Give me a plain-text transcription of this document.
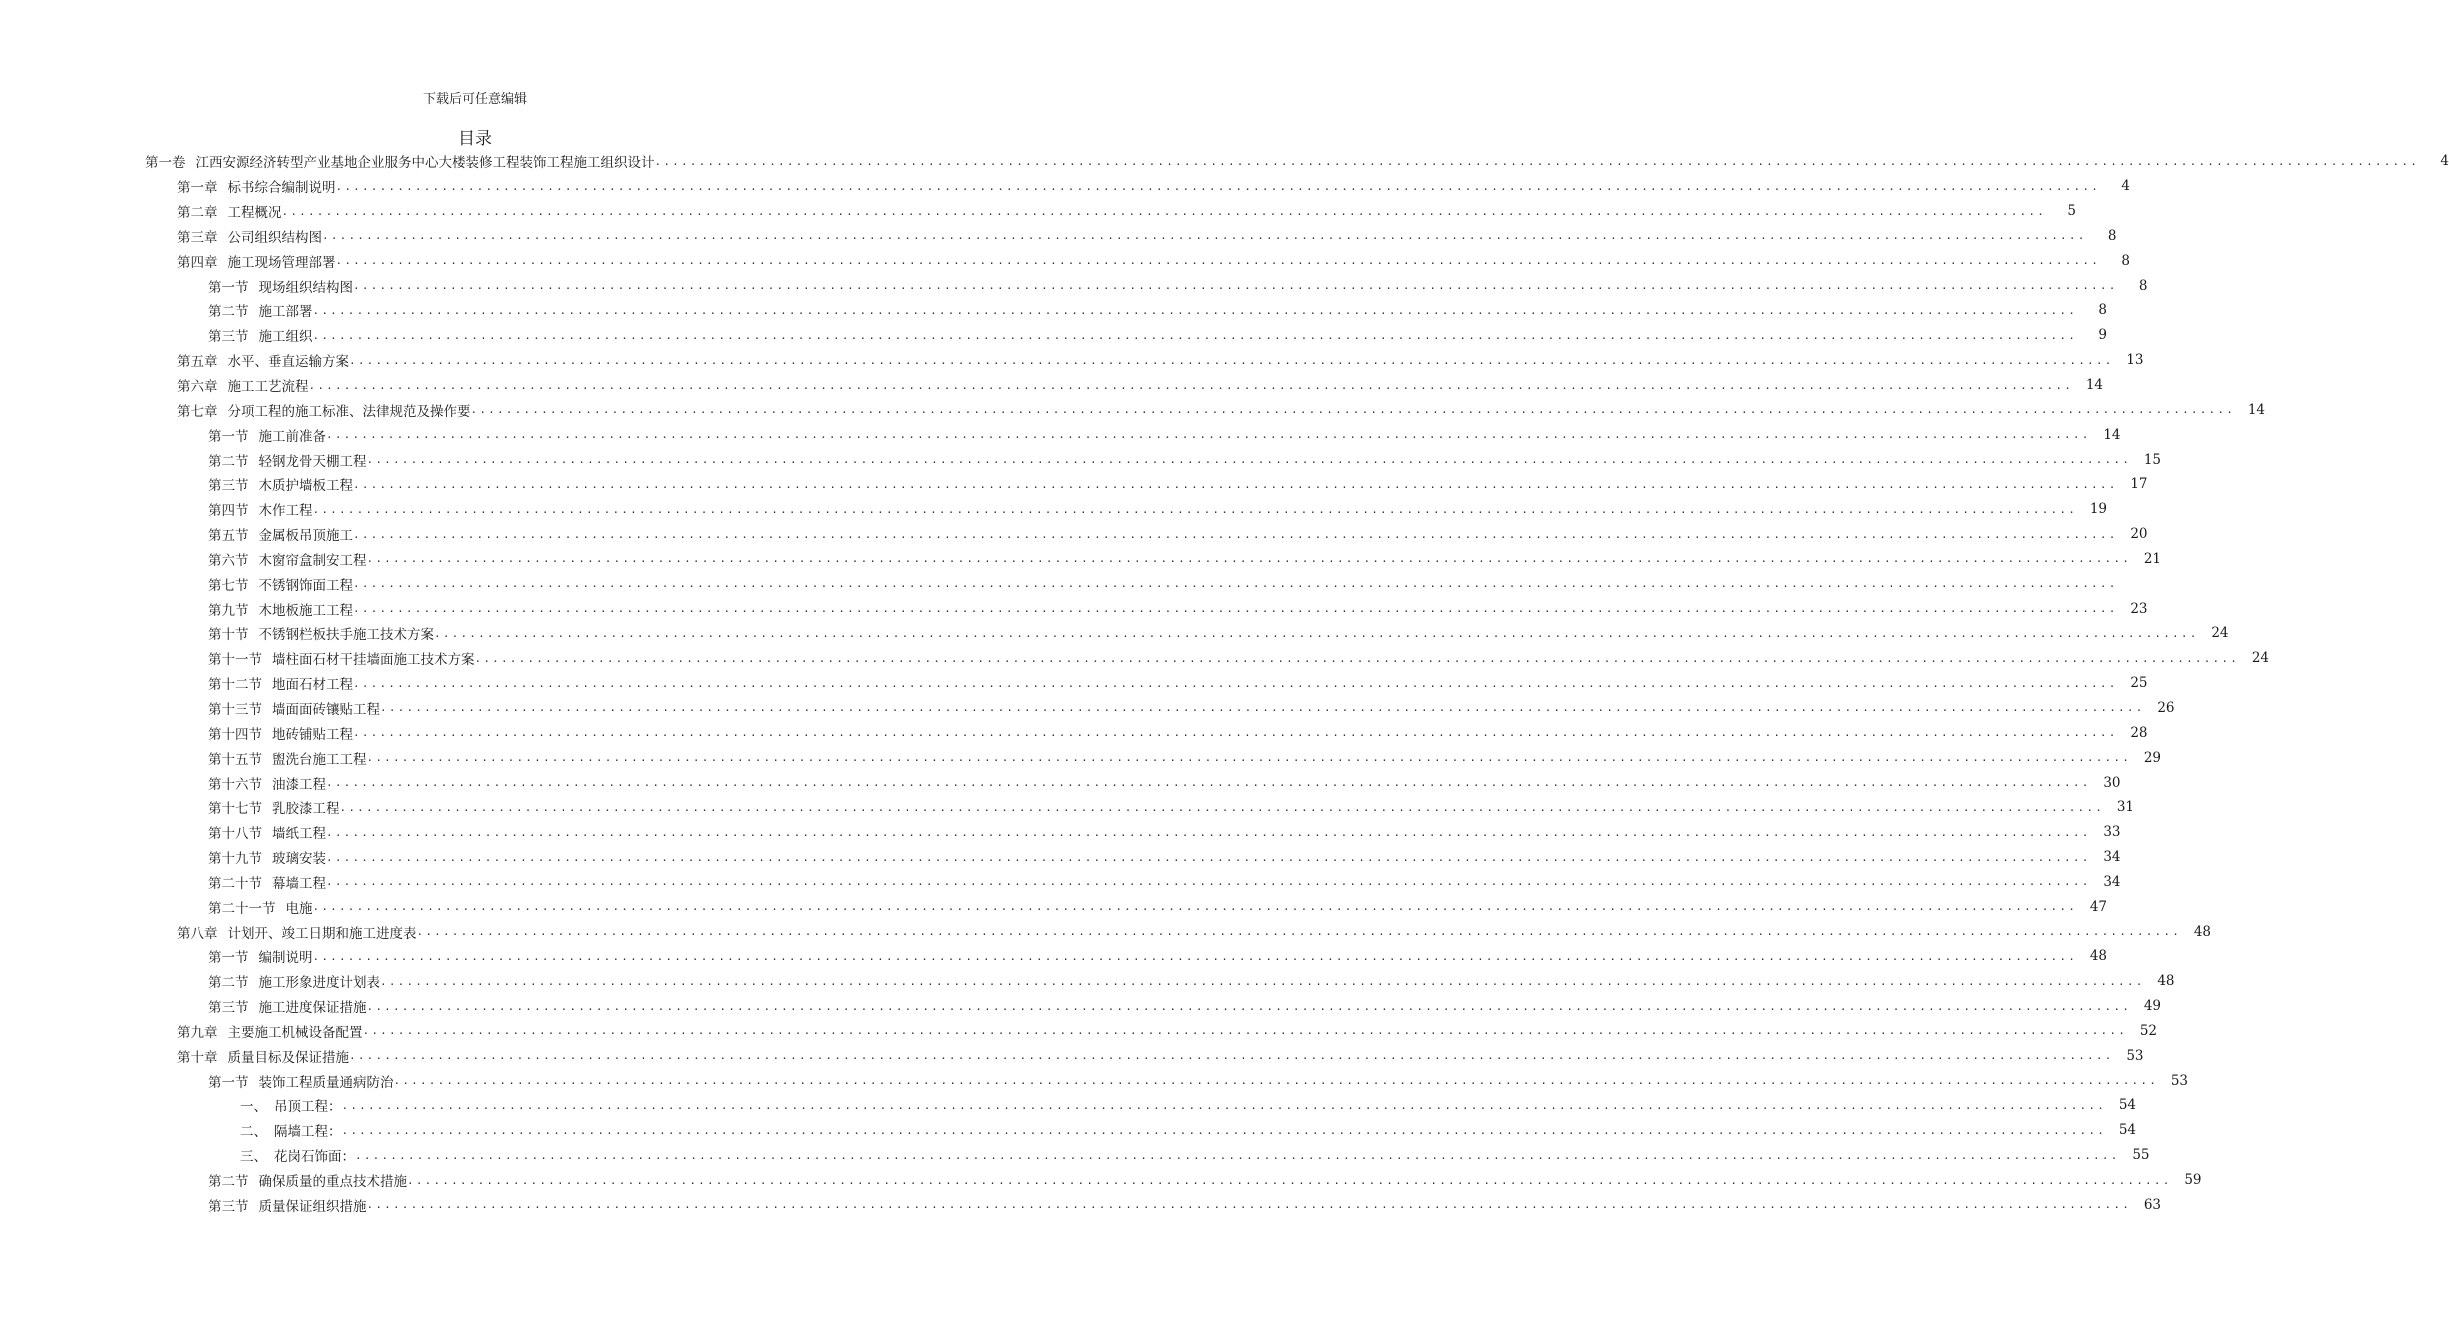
下载后可任意编辑
目录
第一卷 江西安源经济转型产业基地企业服务中心大楼装修工程装饰工程施工组织设计 ........................................................................................................................................................................................................	4
第一章 标书综合编制说明 ........................................................................................................................................................................................................	4
第二章 工程概况 ........................................................................................................................................................................................................	5
第三章 公司组织结构图 ........................................................................................................................................................................................................	8
第四章 施工现场管理部署 ........................................................................................................................................................................................................	8
第一节 现场组织结构图 ........................................................................................................................................................................................................	8
第二节 施工部署 ........................................................................................................................................................................................................	8
第三节 施工组织 ........................................................................................................................................................................................................	9
第五章 水平、垂直运输方案 ........................................................................................................................................................................................................ 13
第六章 施工工艺流程 ........................................................................................................................................................................................................ 14
第七章 分项工程的施工标准、法律规范及操作要 ........................................................................................................................................................................................................ 14
第一节 施工前准备 ........................................................................................................................................................................................................ 14
第二节 轻钢龙骨天棚工程 ........................................................................................................................................................................................................ 15
第三节 木质护墙板工程 ........................................................................................................................................................................................................ 17
第四节 木作工程 ........................................................................................................................................................................................................ 19
第五节 金属板吊顶施工 ........................................................................................................................................................................................................ 20
第六节 木窗帘盒制安工程 ........................................................................................................................................................................................................ 21
第七节 不锈钢饰面工程 ........................................................................................................................................................................................................
第九节 木地板施工工程 ........................................................................................................................................................................................................ 23
第十节 不锈钢栏板扶手施工技术方案 ........................................................................................................................................................................................................ 24
第十一节 墙柱面石材干挂墙面施工技术方案 ........................................................................................................................................................................................................ 24
第十二节 地面石材工程 ........................................................................................................................................................................................................ 25
第十三节 墙面面砖镶贴工程 ........................................................................................................................................................................................................ 26
第十四节 地砖铺贴工程 ........................................................................................................................................................................................................ 28
第十五节 盥洗台施工工程 ........................................................................................................................................................................................................ 29
第十六节 油漆工程 ........................................................................................................................................................................................................ 30
第十七节 乳胶漆工程 ........................................................................................................................................................................................................ 31
第十八节 墙纸工程 ........................................................................................................................................................................................................ 33
第十九节 玻璃安装 ........................................................................................................................................................................................................ 34
第二十节 幕墙工程 ........................................................................................................................................................................................................ 34
第二十一节 电施 ........................................................................................................................................................................................................ 47
第八章 计划开、竣工日期和施工进度表 ........................................................................................................................................................................................................ 48
第一节 编制说明 ........................................................................................................................................................................................................ 48
第二节 施工形象进度计划表 ........................................................................................................................................................................................................ 48
第三节 施工进度保证措施 ........................................................................................................................................................................................................ 49
第九章 主要施工机械设备配置 ........................................................................................................................................................................................................ 52
第十章 质量目标及保证措施 ........................................................................................................................................................................................................ 53
第一节 装饰工程质量通病防治 ........................................................................................................................................................................................................ 53
一、 吊顶工程： ........................................................................................................................................................................................................ 54
二、 隔墙工程： ........................................................................................................................................................................................................ 54
三、 花岗石饰面： ........................................................................................................................................................................................................ 55
第二节 确保质量的重点技术措施 ........................................................................................................................................................................................................ 59
第三节 质量保证组织措施 ........................................................................................................................................................................................................ 63
